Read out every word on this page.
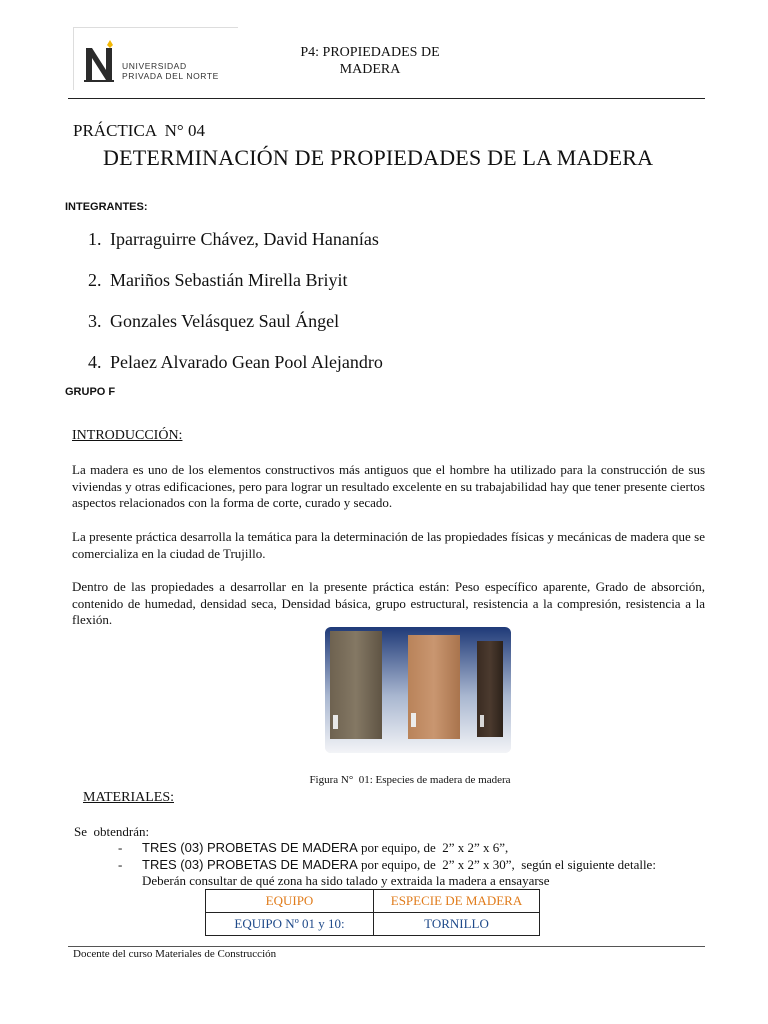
UNIVERSIDAD
PRIVADA DEL NORTE
P4: PROPIEDADES DE
MADERA
PRÁCTICA  N° 04
DETERMINACIÓN DE PROPIEDADES DE LA MADERA
INTEGRANTES:
1. Iparraguirre Chávez, David Hananías
2. Mariños Sebastián Mirella Briyit
3. Gonzales Velásquez Saul Ángel
4. Pelaez Alvarado Gean Pool Alejandro
GRUPO F
INTRODUCCIÓN:
La madera es uno de los elementos constructivos más antiguos que el hombre ha utilizado para la construcción de sus viviendas y otras edificaciones, pero para lograr un resultado excelente en su trabajabilidad hay que tener presente ciertos aspectos relacionados con la forma de corte, curado y secado.
La presente práctica desarrolla la temática para la determinación de las propiedades físicas y mecánicas de madera que se comercializa en la ciudad de Trujillo.
Dentro de las propiedades a desarrollar en la presente práctica están: Peso específico aparente, Grado de absorción, contenido de humedad, densidad seca, Densidad básica, grupo estructural, resistencia a la compresión, resistencia a la flexión.
Figura N°  01: Especies de madera de madera
MATERIALES:
Se  obtendrán:
- TRES (03) PROBETAS DE MADERA por equipo, de  2” x 2” x 6”,
- TRES (03) PROBETAS DE MADERA por equipo, de  2” x 2” x 30”,  según el siguiente detalle:
Deberán consultar de qué zona ha sido talado y extraida la madera a ensayarse
EQUIPO	ESPECIE DE MADERA
EQUIPO Nº 01 y 10:	TORNILLO
Docente del curso Materiales de Construcción
